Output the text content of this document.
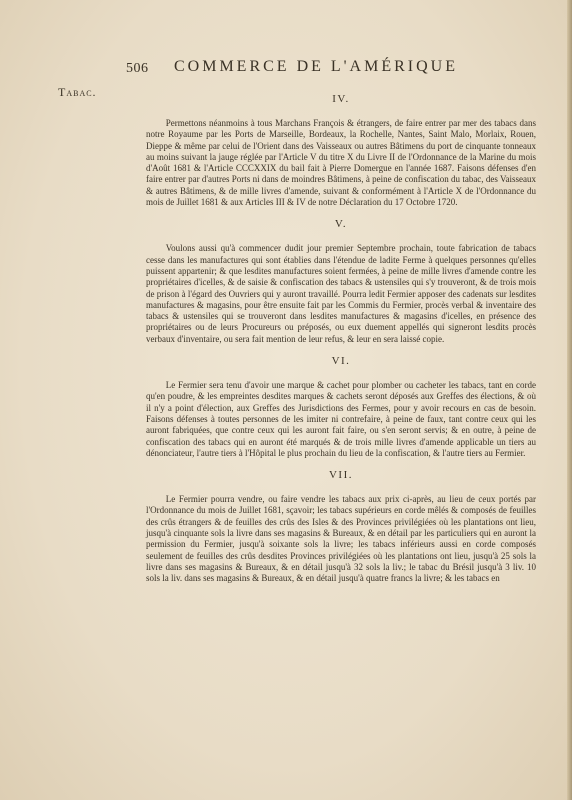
506 COMMERCE DE L'AMÉRIQUE
Tabac.	IV.

Permettons néanmoins à tous Marchans François & étrangers, de faire entrer par mer des tabacs dans notre Royaume par les Ports de Marseille, Bordeaux, la Rochelle, Nantes, Saint Malo, Morlaix, Rouen, Dieppe & même par celui de l'Orient dans des Vaisseaux ou autres Bâtimens du port de cinquante tonneaux au moins suivant la jauge réglée par l'Article V du titre X du Livre II de l'Ordonnance de la Marine du mois d'Août 1681 & l'Article CCCXXIX du bail fait à Pierre Domergue en l'année 1687. Faisons défenses d'en faire entrer par d'autres Ports ni dans de moindres Bâtimens, à peine de confiscation du tabac, des Vaisseaux & autres Bâtimens, & de mille livres d'amende, suivant & conformément à l'Article X de l'Ordonnance du mois de Juillet 1681 & aux Articles III & IV de notre Déclaration du 17 Octobre 1720.

V.

Voulons aussi qu'à commencer dudit jour premier Septembre prochain, toute fabrication de tabacs cesse dans les manufactures qui sont établies dans l'étendue de ladite Ferme à quelques personnes qu'elles puissent appartenir; & que lesdites manufactures soient fermées, à peine de mille livres d'amende contre les propriétaires d'icelles, & de saisie & confiscation des tabacs & ustensiles qui s'y trouveront, & de trois mois de prison à l'égard des Ouvriers qui y auront travaillé. Pourra ledit Fermier apposer des cadenats sur lesdites manufactures & magasins, pour être ensuite fait par les Commis du Fermier, procès verbal & inventaire des tabacs & ustensiles qui se trouveront dans lesdites manufactures & magasins d'icelles, en présence des propriétaires ou de leurs Procureurs ou préposés, ou eux duement appellés qui signeront lesdits procès verbaux d'inventaire, ou sera fait mention de leur refus, & leur en sera laissé copie.

VI.

Le Fermier sera tenu d'avoir une marque & cachet pour plomber ou cacheter les tabacs, tant en corde qu'en poudre, & les empreintes desdites marques & cachets seront déposés aux Greffes des élections, & où il n'y a point d'élection, aux Greffes des Jurisdictions des Fermes, pour y avoir recours en cas de besoin. Faisons défenses à toutes personnes de les imiter ni contrefaire, à peine de faux, tant contre ceux qui les auront fabriquées, que contre ceux qui les auront fait faire, ou s'en seront servis; & en outre, à peine de confiscation des tabacs qui en auront été marqués & de trois mille livres d'amende applicable un tiers au dénonciateur, l'autre tiers à l'Hôpital le plus prochain du lieu de la confiscation, & l'autre tiers au Fermier.

VII.

Le Fermier pourra vendre, ou faire vendre les tabacs aux prix ci-après, au lieu de ceux portés par l'Ordonnance du mois de Juillet 1681, sçavoir; les tabacs supérieurs en corde mêlés & composés de feuilles des crûs étrangers & de feuilles des crûs des Isles & des Provinces privilégiées où les plantations ont lieu, jusqu'à cinquante sols la livre dans ses magasins & Bureaux, & en détail par les particuliers qui en auront la permission du Fermier, jusqu'à soixante sols la livre; les tabacs inférieurs aussi en corde composés seulement de feuilles des crûs desdites Provinces privilégiées où les plantations ont lieu, jusqu'à 25 sols la livre dans ses magasins & Bureaux, & en détail jusqu'à 32 sols la liv.; le tabac du Brésil jusqu'à 3 liv. 10 sols la liv. dans ses magasins & Bureaux, & en détail jusqu'à quatre francs la livre; & les tabacs en
